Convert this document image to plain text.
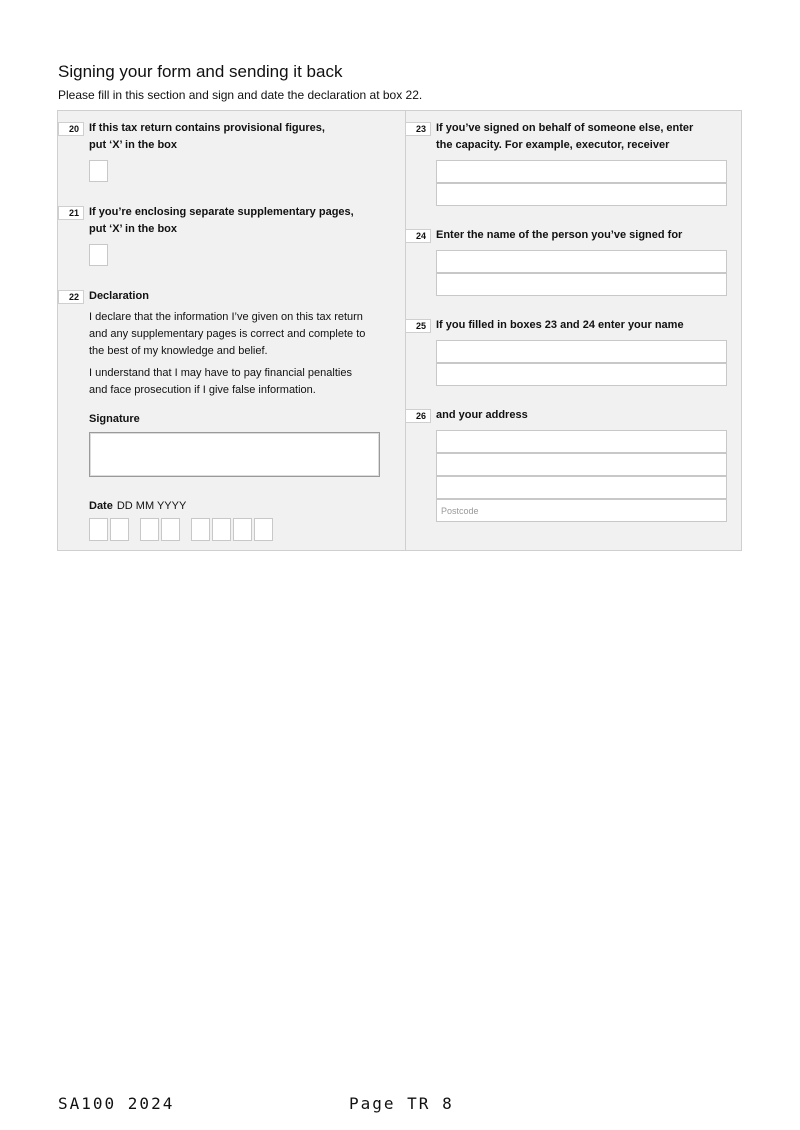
Signing your form and sending it back

Please fill in this section and sign and date the declaration at box 22.

20 If this tax return contains provisional figures,
put ‘X’ in the box
21 If you’re enclosing separate supplementary pages,
put ‘X’ in the box
22 Declaration
I declare that the information I’ve given on this tax return
and any supplementary pages is correct and complete to
the best of my knowledge and belief.
I understand that I may have to pay financial penalties
and face prosecution if I give false information.
Signature
Date DD MM YYYY
23 If you’ve signed on behalf of someone else, enter
the capacity. For example, executor, receiver
24 Enter the name of the person you’ve signed for
25 If you filled in boxes 23 and 24 enter your name
26 and your address
Postcode
SA100 2024	Page TR 8
